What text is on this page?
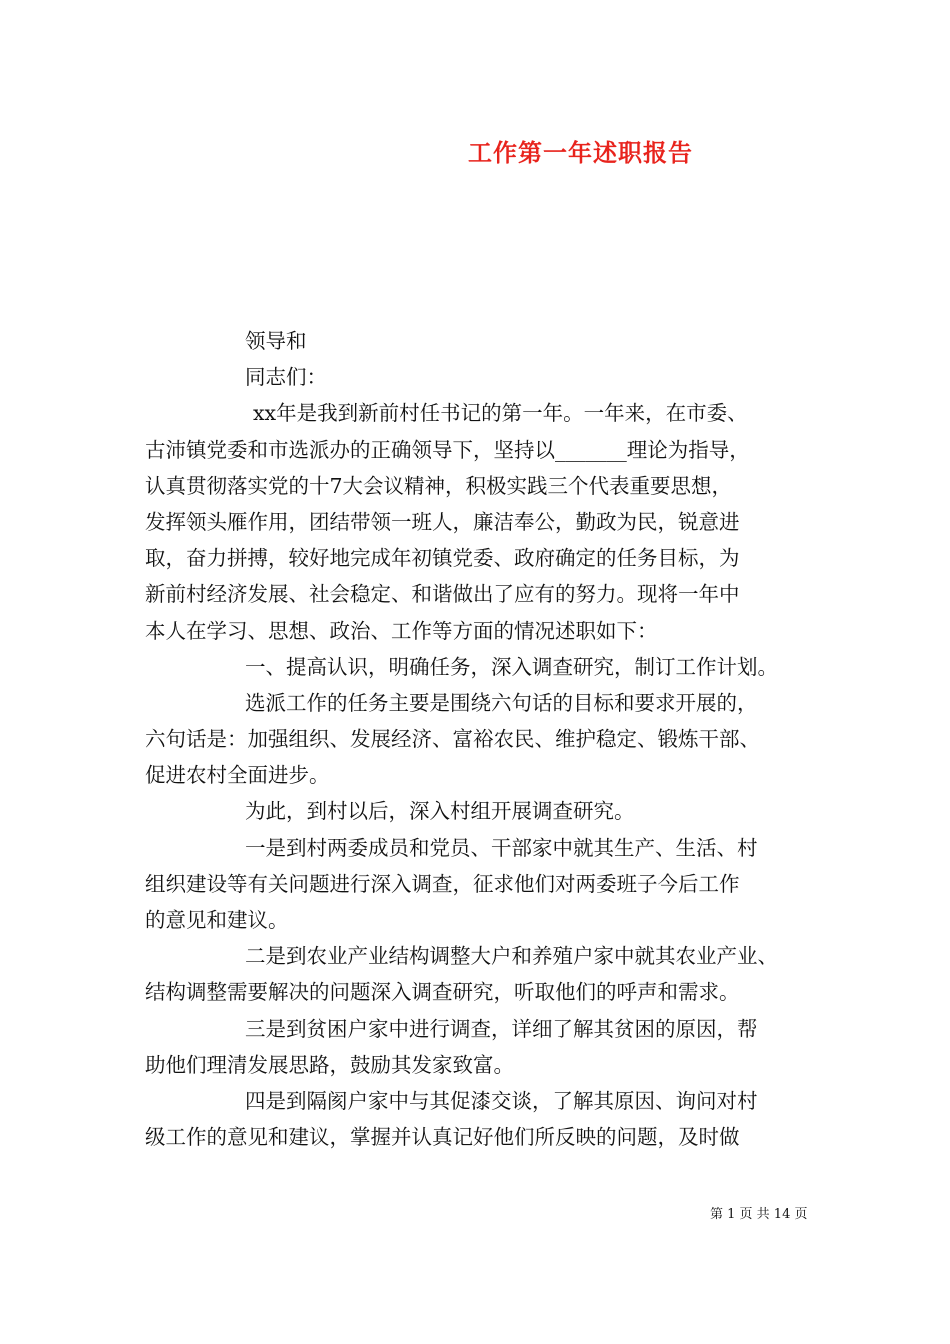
工作第一年述职报告

领导和

同志们：

xx年是我到新前村任书记的第一年。一年来，在市委、

古沛镇党委和市选派办的正确领导下，坚持以_______理论为指导，

认真贯彻落实党的十7大会议精神，积极实践三个代表重要思想，

发挥领头雁作用，团结带领一班人，廉洁奉公，勤政为民，锐意进

取，奋力拼搏，较好地完成年初镇党委、政府确定的任务目标，为

新前村经济发展、社会稳定、和谐做出了应有的努力。现将一年中

本人在学习、思想、政治、工作等方面的情况述职如下：

一、提高认识，明确任务，深入调查研究，制订工作计划。

选派工作的任务主要是围绕六句话的目标和要求开展的，

六句话是：加强组织、发展经济、富裕农民、维护稳定、锻炼干部、

促进农村全面进步。

为此，到村以后，深入村组开展调查研究。

一是到村两委成员和党员、干部家中就其生产、生活、村

组织建设等有关问题进行深入调查，征求他们对两委班子今后工作

的意见和建议。

二是到农业产业结构调整大户和养殖户家中就其农业产业、

结构调整需要解决的问题深入调查研究，听取他们的呼声和需求。

三是到贫困户家中进行调查，详细了解其贫困的原因，帮

助他们理清发展思路，鼓励其发家致富。

四是到隔阂户家中与其促漆交谈，了解其原因、询问对村

级工作的意见和建议，掌握并认真记好他们所反映的问题，及时做

第 1 页 共 14 页
